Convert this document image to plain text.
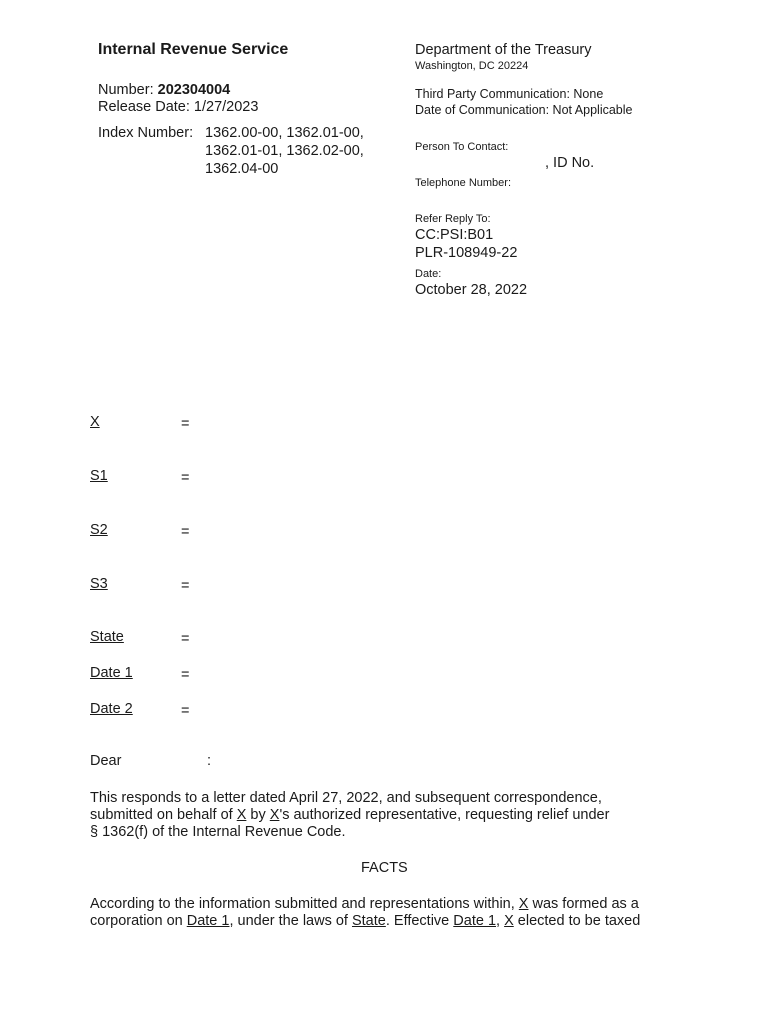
Internal Revenue Service
Number: 202304004
Release Date: 1/27/2023
Index Number: 1362.00-00, 1362.01-00,
1362.01-01, 1362.02-00,
1362.04-00
Department of the Treasury
Washington, DC 20224
Third Party Communication: None
Date of Communication: Not Applicable
Person To Contact:
, ID No.
Telephone Number:
Refer Reply To:
CC:PSI:B01
PLR-108949-22
Date:
October 28, 2022
X	=
S1	=
S2	=
S3	=
State	=
Date 1	=
Date 2	=
Dear	:
This responds to a letter dated April 27, 2022, and subsequent correspondence,
submitted on behalf of X by X's authorized representative, requesting relief under
§ 1362(f) of the Internal Revenue Code.
FACTS
According to the information submitted and representations within, X was formed as a
corporation on Date 1, under the laws of State. Effective Date 1, X elected to be taxed
